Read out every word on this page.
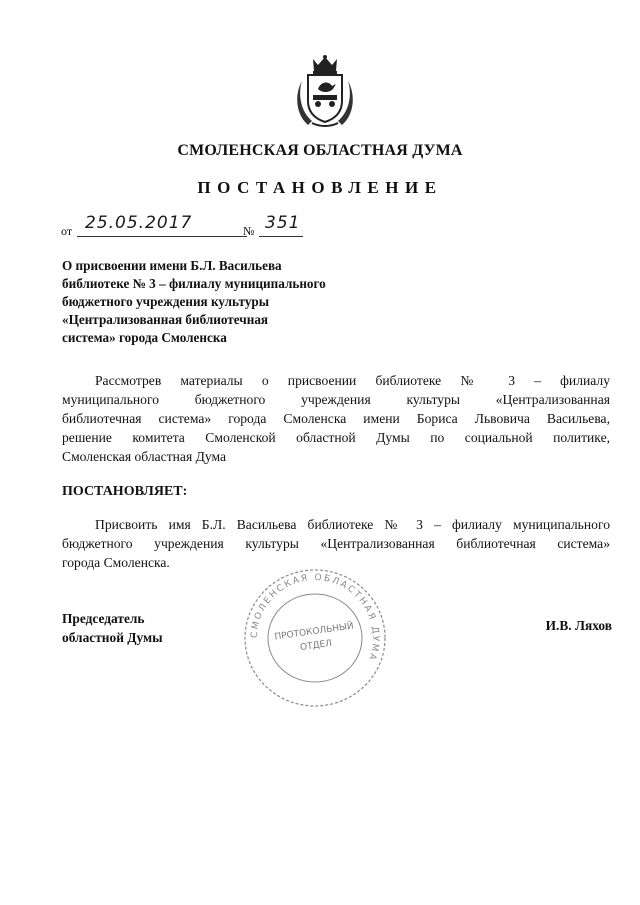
СМОЛЕНСКАЯ ОБЛАСТНАЯ ДУМА
ПОСТАНОВЛЕНИЕ
от 25.05.2017	№ 351
О присвоении имени Б.Л. Васильева
библиотеке № 3 – филиалу муниципального
бюджетного учреждения культуры
«Централизованная библиотечная
система» города Смоленска
Рассмотрев материалы о присвоении библиотеке № 3 – филиалу
муниципального бюджетного учреждения культуры «Централизованная
библиотечная система» города Смоленска имени Бориса Львовича Васильева,
решение комитета Смоленской областной Думы по социальной политике,
Смоленская областная Дума
ПОСТАНОВЛЯЕТ:
Присвоить имя Б.Л. Васильева библиотеке № 3 – филиалу муниципального
бюджетного учреждения культуры «Централизованная библиотечная система»
города Смоленска.
СМОЛЕНСКАЯ ОБЛАСТНАЯ ДУМА
ПРОТОКОЛЬНЫЙ
ОТДЕЛ
Председатель
областной Думы
И.В. Ляхов
